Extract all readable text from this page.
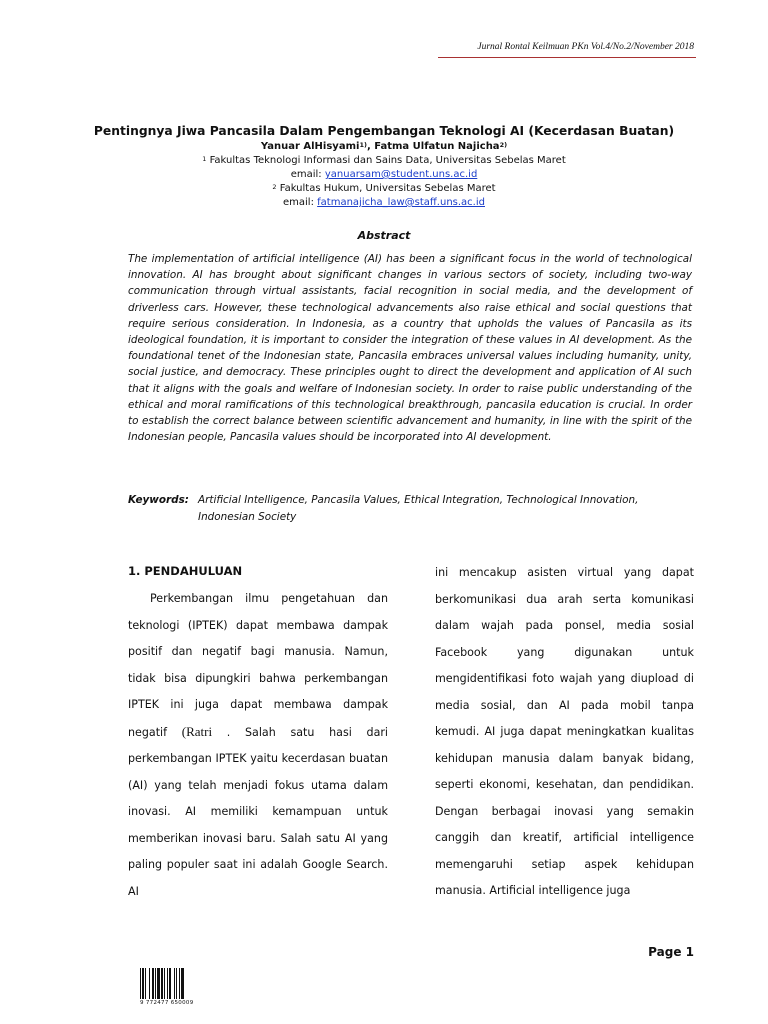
Jurnal Rontal Keilmuan PKn Vol.4/No.2/November 2018
Pentingnya Jiwa Pancasila Dalam Pengembangan Teknologi AI (Kecerdasan Buatan)
Yanuar AlHisyami$^{1)}$, Fatma Ulfatun Najicha$^{2)}$
$^1$ Fakultas Teknologi Informasi dan Sains Data, Universitas Sebelas Maret
email: yanuarsam@student.uns.ac.id
$^2$ Fakultas Hukum, Universitas Sebelas Maret
email: fatmanajicha_law@staff.uns.ac.id
Abstract

The implementation of artificial intelligence (AI) has been a significant focus in the world of technological innovation. AI has brought about significant changes in various sectors of society, including two-way communication through virtual assistants, facial recognition in social media, and the development of driverless cars. However, these technological advancements also raise ethical and social questions that require serious consideration. In Indonesia, as a country that upholds the values of Pancasila as its ideological foundation, it is important to consider the integration of these values in AI development. As the foundational tenet of the Indonesian state, Pancasila embraces universal values including humanity, unity, social justice, and democracy. These principles ought to direct the development and application of AI such that it aligns with the goals and welfare of Indonesian society. In order to raise public understanding of the ethical and moral ramifications of this technological breakthrough, pancasila education is crucial. In order to establish the correct balance between scientific advancement and humanity, in line with the spirit of the Indonesian people, Pancasila values should be incorporated into AI development.

Keywords: Artificial Intelligence, Pancasila Values, Ethical Integration, Technological Innovation, Indonesian Society
1. PENDAHULUAN

Perkembangan ilmu pengetahuan dan teknologi (IPTEK) dapat membawa dampak positif dan negatif bagi manusia. Namun, tidak bisa dipungkiri bahwa perkembangan IPTEK ini juga dapat membawa dampak negatif (Ratri . Salah satu hasi dari perkembangan IPTEK yaitu kecerdasan buatan (AI) yang telah menjadi fokus utama dalam inovasi. AI memiliki kemampuan untuk memberikan inovasi baru. Salah satu AI yang paling populer saat ini adalah Google Search. AI

ini mencakup asisten virtual yang dapat berkomunikasi dua arah serta komunikasi dalam wajah pada ponsel, media sosial Facebook yang digunakan untuk mengidentifikasi foto wajah yang diupload di media sosial, dan AI pada mobil tanpa kemudi. AI juga dapat meningkatkan kualitas kehidupan manusia dalam banyak bidang, seperti ekonomi, kesehatan, dan pendidikan. Dengan berbagai inovasi yang semakin canggih dan kreatif, artificial intelligence memengaruhi setiap aspek kehidupan manusia. Artificial intelligence juga

Page 1
9 772477 650009
